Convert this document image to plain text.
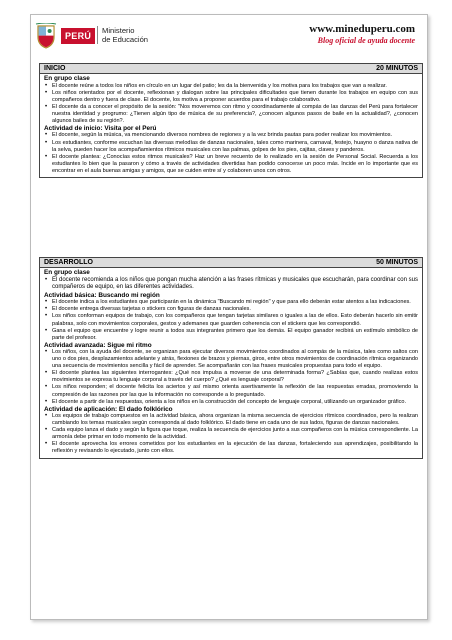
PERÚ
Ministerio
de Educación
www.mineduperu.com
Blog oficial de ayuda docente
INICIO	20 MINUTOS
En grupo clase
• El docente reúne a todos los niños en círculo en un lugar del patio; les da la bienvenida y los motiva para los trabajos que van a realizar.
• Los niños orientados por el docente, reflexionan y dialogan sobre las principales dificultades que tienen durante los trabajos en equipo con sus compañeros dentro y fuera de clase. El docente, los motiva a proponer acuerdos para el trabajo colaborativo.
• El docente da a conocer el propósito de la sesión: "Nos moveremos con ritmo y coordinadamente al compás de las danzas del Perú para fortalecer nuestra identidad y progrumo: ¿Tienen algún tipo de música de su preferencia?, ¿conocen algunos pasos de baile en la actualidad?, ¿conocen algunos bailes de su región?.
Actividad de inicio: Visita por el Perú
• El docente, según la música, va mencionando diversos nombres de regiones y a la vez brinda pautas para poder realizar los movimientos.
• Los estudiantes, conforme escuchan las diversas melodías de danzas nacionales, tales como marinera, carnaval, festejo, huayno o danza nativa de la selva, pueden hacer los acompañamientos rítmicos musicales con las palmas, golpes de los pies, cajitas, claves y panderos.
• El docente plantea: ¿Conocías estos ritmos musicales? Haz un breve recuento de lo realizado en la sesión de Personal Social. Recuerda a los estudiantes lo bien que la pasaron y cómo a través de actividades divertidas han podido conocerse un poco más. Incide en lo importante que es encontrar en el aula buenas amigas y amigos, que se cuiden entre sí y colaboren unos con otros.
DESARROLLO	50 MINUTOS
En grupo clase
• El docente recomienda a los niños que pongan mucha atención a las frases rítmicas y musicales que escucharán, para coordinar con sus compañeros de equipo, en las diferentes actividades.
Actividad básica: Buscando mi región
• El docente indica a los estudiantes que participarán en la dinámica "Buscando mi región" y que para ello deberán estar atentos a las indicaciones.
• El docente entrega diversas tarjetas o stickers con figuras de danzas nacionales.
• Los niños conforman equipos de trabajo, con los compañeros que tengan tarjetas similares o iguales a las de ellos. Esto deberán hacerlo sin emitir palabras, solo con movimientos corporales, gestos y ademanes que guarden coherencia con el stickers que les correspondió.
• Gana el equipo que encuentre y logre reunir a todos sus integrantes primero que los demás. El equipo ganador recibirá un estímulo simbólico de parte del profesor.
Actividad avanzada: Sigue mi ritmo
• Los niños, con la ayuda del docente, se organizan para ejecutar diversos movimientos coordinados al compás de la música, tales como saltos con uno o dos pies, desplazamientos adelante y atrás, flexiones de brazos y piernas, giros, entre otros movimientos de coordinación rítmica organizando una secuencia de movimientos sencilla y fácil de aprender. Se acompañarán con las frases musicales propuestas para todo el equipo.
• El docente plantea las siguientes interrogantes: ¿Qué nos impulsa a moverse de una determinada forma? ¿Sabías que, cuando realizas estos movimientos se expresa tu lenguaje corporal a través del cuerpo? ¿Qué es lenguaje corporal?
• Los niños responden; el docente felicita los aciertos y así mismo orienta asertivamente la reflexión de las respuestas erradas, promoviendo la compresión de las razones por las que la información no corresponde a lo preguntado.
• El docente a partir de las respuestas, orienta a los niños en la construcción del concepto de lenguaje corporal, utilizando un organizador gráfico.
Actividad de aplicación: El dado folklórico
• Los equipos de trabajo compuestos en la actividad básica, ahora organizan la misma secuencia de ejercicios rítmicos coordinados, pero la realizan cambiando los temas musicales según corresponda al dado folklórico. El dado tiene en cada uno de sus lados, figuras de danzas nacionales.
• Cada equipo lanza el dado y según la figura que toque, realiza la secuencia de ejercicios junto a sus compañeros con la música correspondiente. La armonía debe primar en todo momento de la actividad.
• El docente aprovecha los errores cometidos por los estudiantes en la ejecución de las danzas, fortaleciendo sus aprendizajes, posibilitando la reflexión y revisando lo ejecutado, junto con ellos.
